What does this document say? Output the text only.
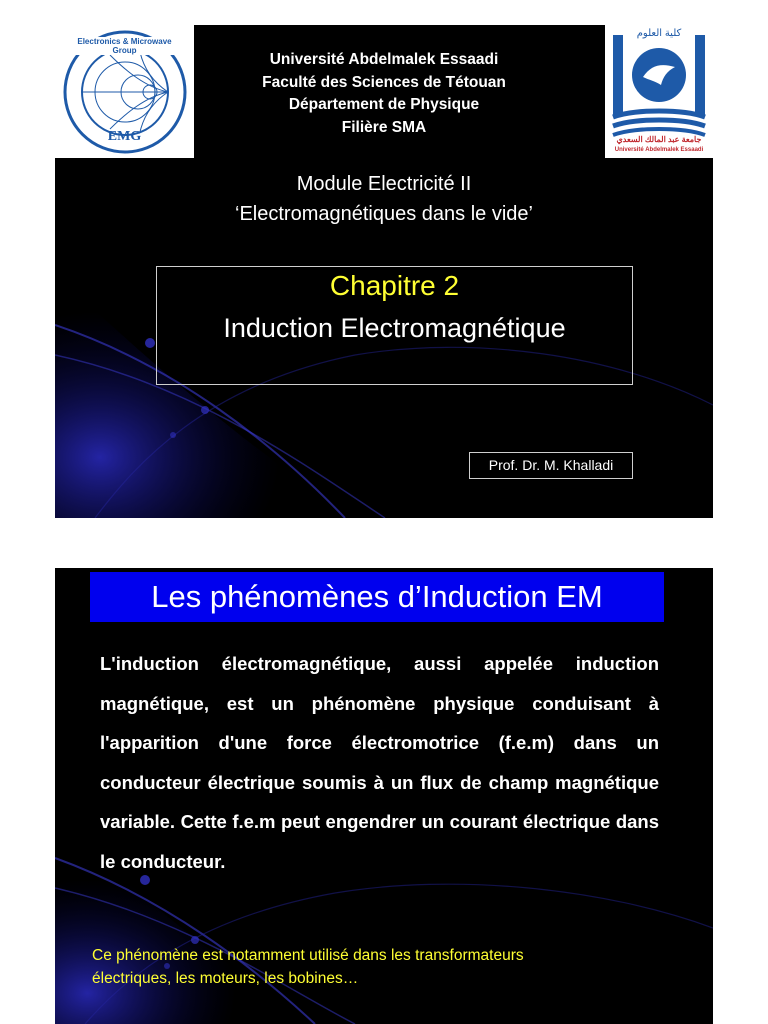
EMG
Electronics & Microwave Group
كلية العلوم
جامعة عبد المالك السعدي
Université Abdelmalek Essaadi
Université Abdelmalek Essaadi
Faculté des Sciences de Tétouan
Département de Physique
Filière SMA
Module Electricité II
‘Electromagnétiques dans le vide’
Chapitre 2
Induction Electromagnétique
Prof. Dr. M. Khalladi
Les phénomènes d’Induction EM
L'induction électromagnétique, aussi appelée induction magnétique, est un phénomène physique conduisant à l'apparition d'une force électromotrice (f.e.m) dans un conducteur électrique soumis à un flux de champ magnétique variable. Cette f.e.m peut engendrer un courant électrique dans le conducteur.
Ce phénomène est notamment utilisé dans les transformateurs
électriques, les moteurs, les bobines…
